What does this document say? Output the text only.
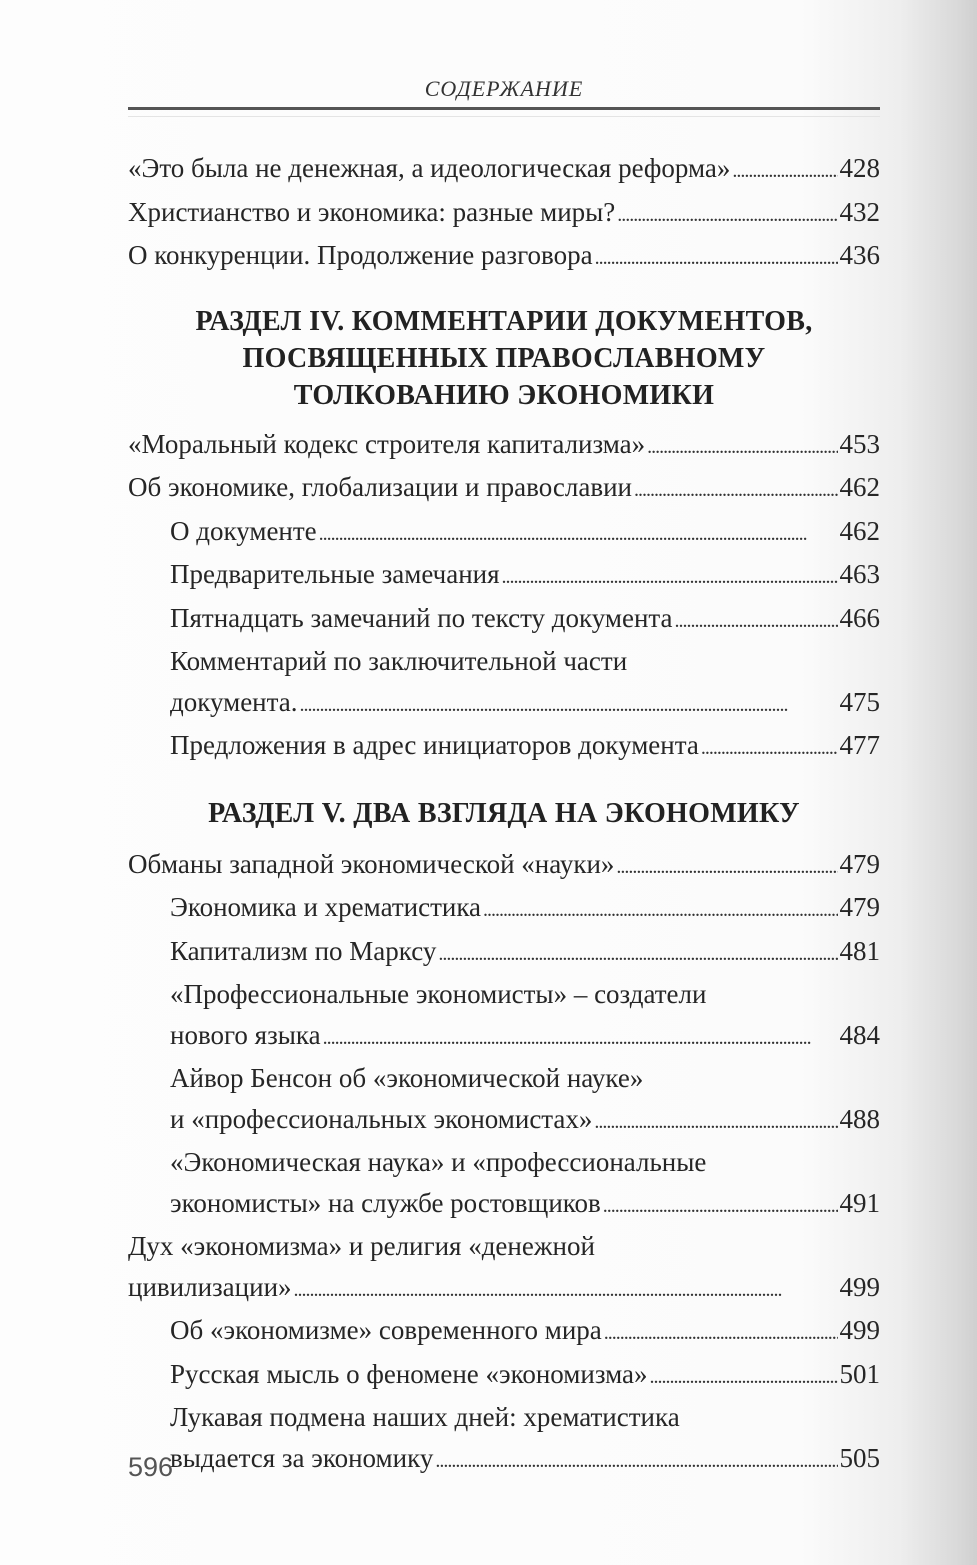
СОДЕРЖАНИЕ
«Это была не денежная, а идеологическая реформа» . . .	428
Христианство и экономика: разные миры? . . .	432
О конкуренции. Продолжение разговора . . .	436
РАЗДЕЛ IV. КОММЕНТАРИИ ДОКУМЕНТОВ,
ПОСВЯЩЕННЫХ ПРАВОСЛАВНОМУ
ТОЛКОВАНИЮ ЭКОНОМИКИ
«Моральный кодекс строителя капитализма» . . .	453
Об экономике, глобализации и православии . . .	462
О документе . . .	462
Предварительные замечания . . .	463
Пятнадцать замечаний по тексту документа . . .	466
Комментарий по заключительной части
документа. . . .	475
Предложения в адрес инициаторов документа . . .	477
РАЗДЕЛ V. ДВА ВЗГЛЯДА НА ЭКОНОМИКУ
Обманы западной экономической «науки» . . .	479
Экономика и хрематистика . . .	479
Капитализм по Марксу . . .	481
«Профессиональные экономисты» – создатели
нового языка . . .	484
Айвор Бенсон об «экономической науке»
и «профессиональных экономистах» . . .	488
«Экономическая наука» и «профессиональные
экономисты» на службе ростовщиков . . .	491
Дух «экономизма» и религия «денежной
цивилизации» . . .	499
Об «экономизме» современного мира . . .	499
Русская мысль о феномене «экономизма» . . .	501
Лукавая подмена наших дней: хрематистика
выдается за экономику . . .	505
596
